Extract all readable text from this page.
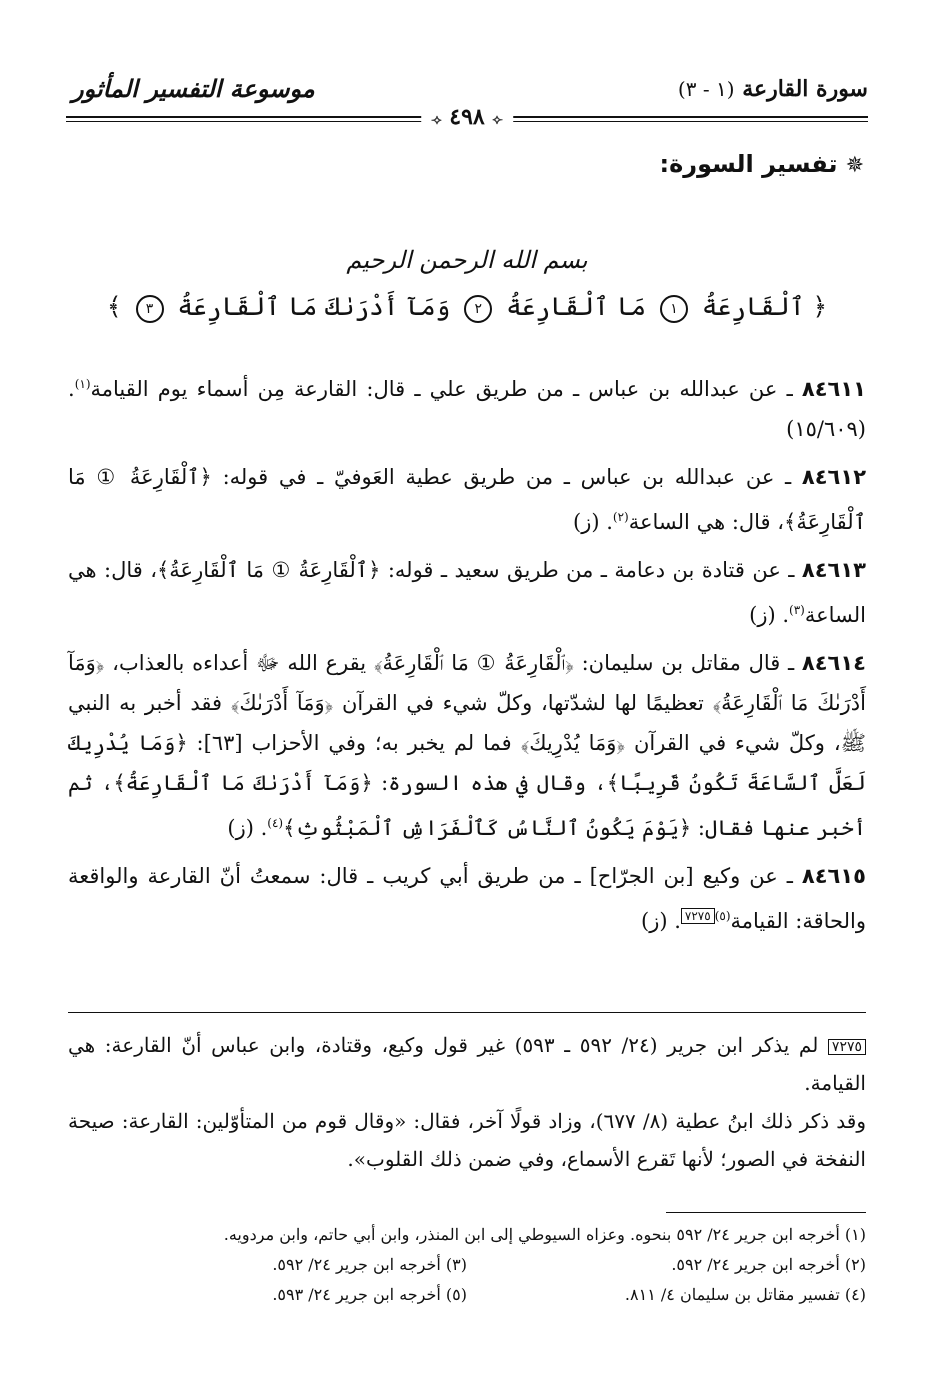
سورة القارعة (١ - ٣)
موسوعة التفسير المأثور
⟢ ٤٩٨ ⟣
✵تفسير السورة:
بسم الله الرحمن الرحيم
﴿ ٱلْقَارِعَةُ ١ مَا ٱلْقَارِعَةُ ٢ وَمَآ أَدْرَىٰكَ مَا ٱلْقَارِعَةُ ٣ ﴾
٨٤٦١١ ـ عن عبدالله بن عباس ـ من طريق علي ـ قال: القارعة مِن أسماء يوم القيامة$^{(١)}$. (١٥/٦٠٩)
٨٤٦١٢ ـ عن عبدالله بن عباس ـ من طريق عطية العَوفيّ ـ في قوله: ﴿ٱلْقَارِعَةُ ① مَا ٱلْقَارِعَةُ﴾، قال: هي الساعة$^{(٢)}$. (ز)
٨٤٦١٣ ـ عن قتادة بن دعامة ـ من طريق سعيد ـ قوله: ﴿ٱلْقَارِعَةُ ① مَا ٱلْقَارِعَةُ﴾، قال: هي الساعة$^{(٣)}$. (ز)
٨٤٦١٤ ـ قال مقاتل بن سليمان: ﴿ٱلْقَارِعَةُ ① مَا ٱلْقَارِعَةُ﴾ يقرع الله ﷻ أعداءه بالعذاب، ﴿وَمَآ أَدْرَىٰكَ مَا ٱلْقَارِعَةُ﴾ تعظيمًا لها لشدّتها، وكلّ شيء في القرآن ﴿وَمَآ أَدْرَىٰكَ﴾ فقد أخبر به النبي ﷺ، وكلّ شيء في القرآن ﴿وَمَا يُدْرِيكَ﴾ فما لم يخبر به؛ وفي الأحزاب [٦٣]: ﴿وَمَا يُدْرِيكَ لَعَلَّ ٱلسَّاعَةَ تَكُونُ قَرِيبًا﴾، وقال في هذه السورة: ﴿وَمَآ أَدْرَىٰكَ مَا ٱلْقَارِعَةُ﴾، ثم أخبر عنها فقال: ﴿يَوْمَ يَكُونُ ٱلنَّاسُ كَٱلْفَرَاشِ ٱلْمَبْثُوثِ﴾$^{(٤)}$. (ز)
٨٤٦١٥ ـ عن وكيع [بن الجرّاح] ـ من طريق أبي كريب ـ قال: سمعتُ أنّ القارعة والواقعة والحاقة: القيامة$^{(٥)}$٧٢٧٥. (ز)
٧٢٧٥ لم يذكر ابن جرير (٢٤/ ٥٩٢ ـ ٥٩٣) غير قول وكيع، وقتادة، وابن عباس أنّ القارعة: هي القيامة.
وقد ذكر ذلك ابنُ عطية (٨/ ٦٧٧)، وزاد قولًا آخر، فقال: «وقال قوم من المتأوّلين: القارعة: صيحة النفخة في الصور؛ لأنها تَقرع الأسماع، وفي ضمن ذلك القلوب».
(١) أخرجه ابن جرير ٢٤/ ٥٩٢ بنحوه. وعزاه السيوطي إلى ابن المنذر، وابن أبي حاتم، وابن مردويه.
(٢) أخرجه ابن جرير ٢٤/ ٥٩٢.
(٣) أخرجه ابن جرير ٢٤/ ٥٩٢.
(٤) تفسير مقاتل بن سليمان ٤/ ٨١١.
(٥) أخرجه ابن جرير ٢٤/ ٥٩٣.
